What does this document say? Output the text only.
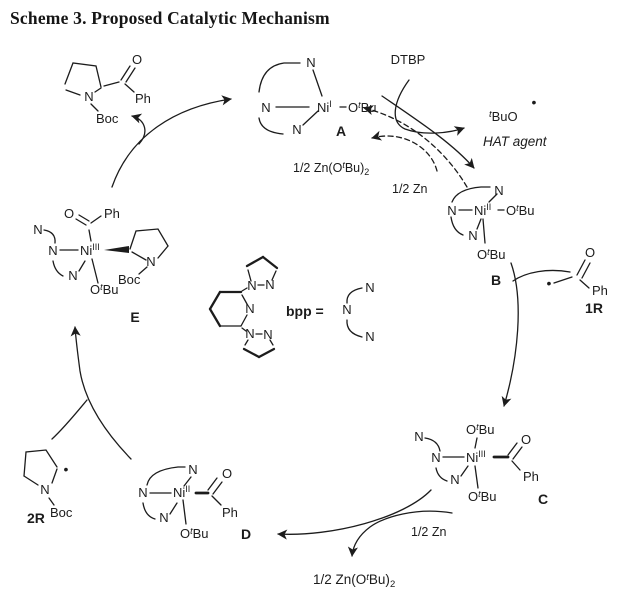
Scheme 3. Proposed Catalytic Mechanism
DTBP
$^t$BuO
•
HAT agent
1/2 $Zn(O^tBu)_2$
1/2 Zn
1/2 Zn
1/2 $Zn(O^tBu)_2$
N
N
N
$Ni^I$ $O^tBu$
A
N
N
N
$Ni^{II}$ $O^tBu$
$O^tBu$
B	•
O
Ph
1R
N
N
N
$Ni^{III}$
$O^tBu$
$O^tBu$
O
Ph
C
N
N
N
$Ni^{II}$
O
Ph
$O^tBu$ D
N
•
Boc
2R
O Ph
N
N
N
$Ni^{III}$
N
Boc
$O^tBu$
E
N
Boc
O
Ph
N
N N
N N
bpp =
N
N
N
